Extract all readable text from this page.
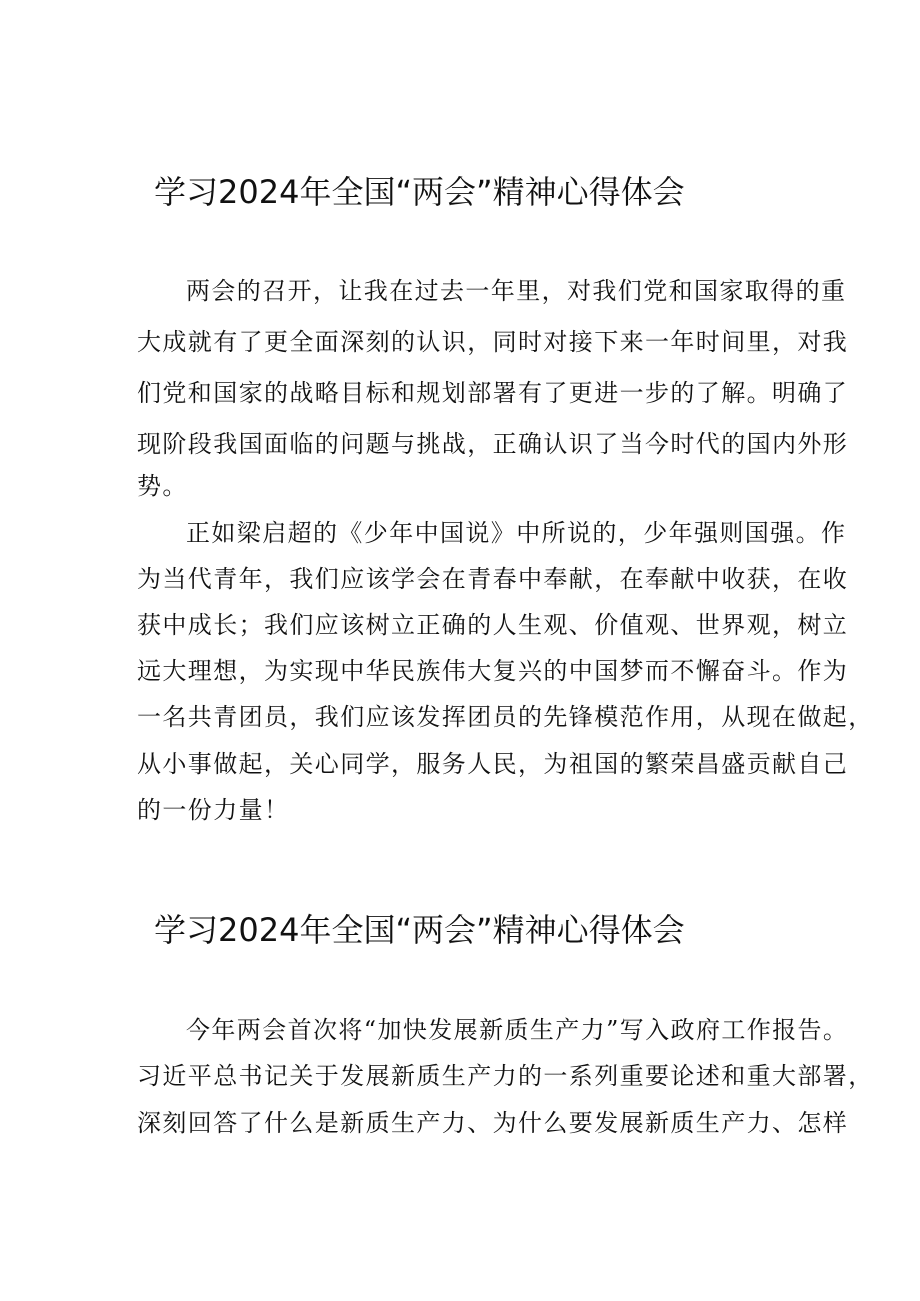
学习2024年全国“两会”精神心得体会
两会的召开，让我在过去一年里，对我们党和国家取得的重
大成就有了更全面深刻的认识，同时对接下来一年时间里，对我
们党和国家的战略目标和规划部署有了更进一步的了解。明确了
现阶段我国面临的问题与挑战，正确认识了当今时代的国内外形
势。
正如梁启超的《少年中国说》中所说的，少年强则国强。作
为当代青年，我们应该学会在青春中奉献，在奉献中收获，在收
获中成长；我们应该树立正确的人生观、价值观、世界观，树立
远大理想，为实现中华民族伟大复兴的中国梦而不懈奋斗。作为
一名共青团员，我们应该发挥团员的先锋模范作用，从现在做起，
从小事做起，关心同学，服务人民，为祖国的繁荣昌盛贡献自己
的一份力量！
学习2024年全国“两会”精神心得体会
今年两会首次将“加快发展新质生产力”写入政府工作报告。
习近平总书记关于发展新质生产力的一系列重要论述和重大部署，
深刻回答了什么是新质生产力、为什么要发展新质生产力、怎样
